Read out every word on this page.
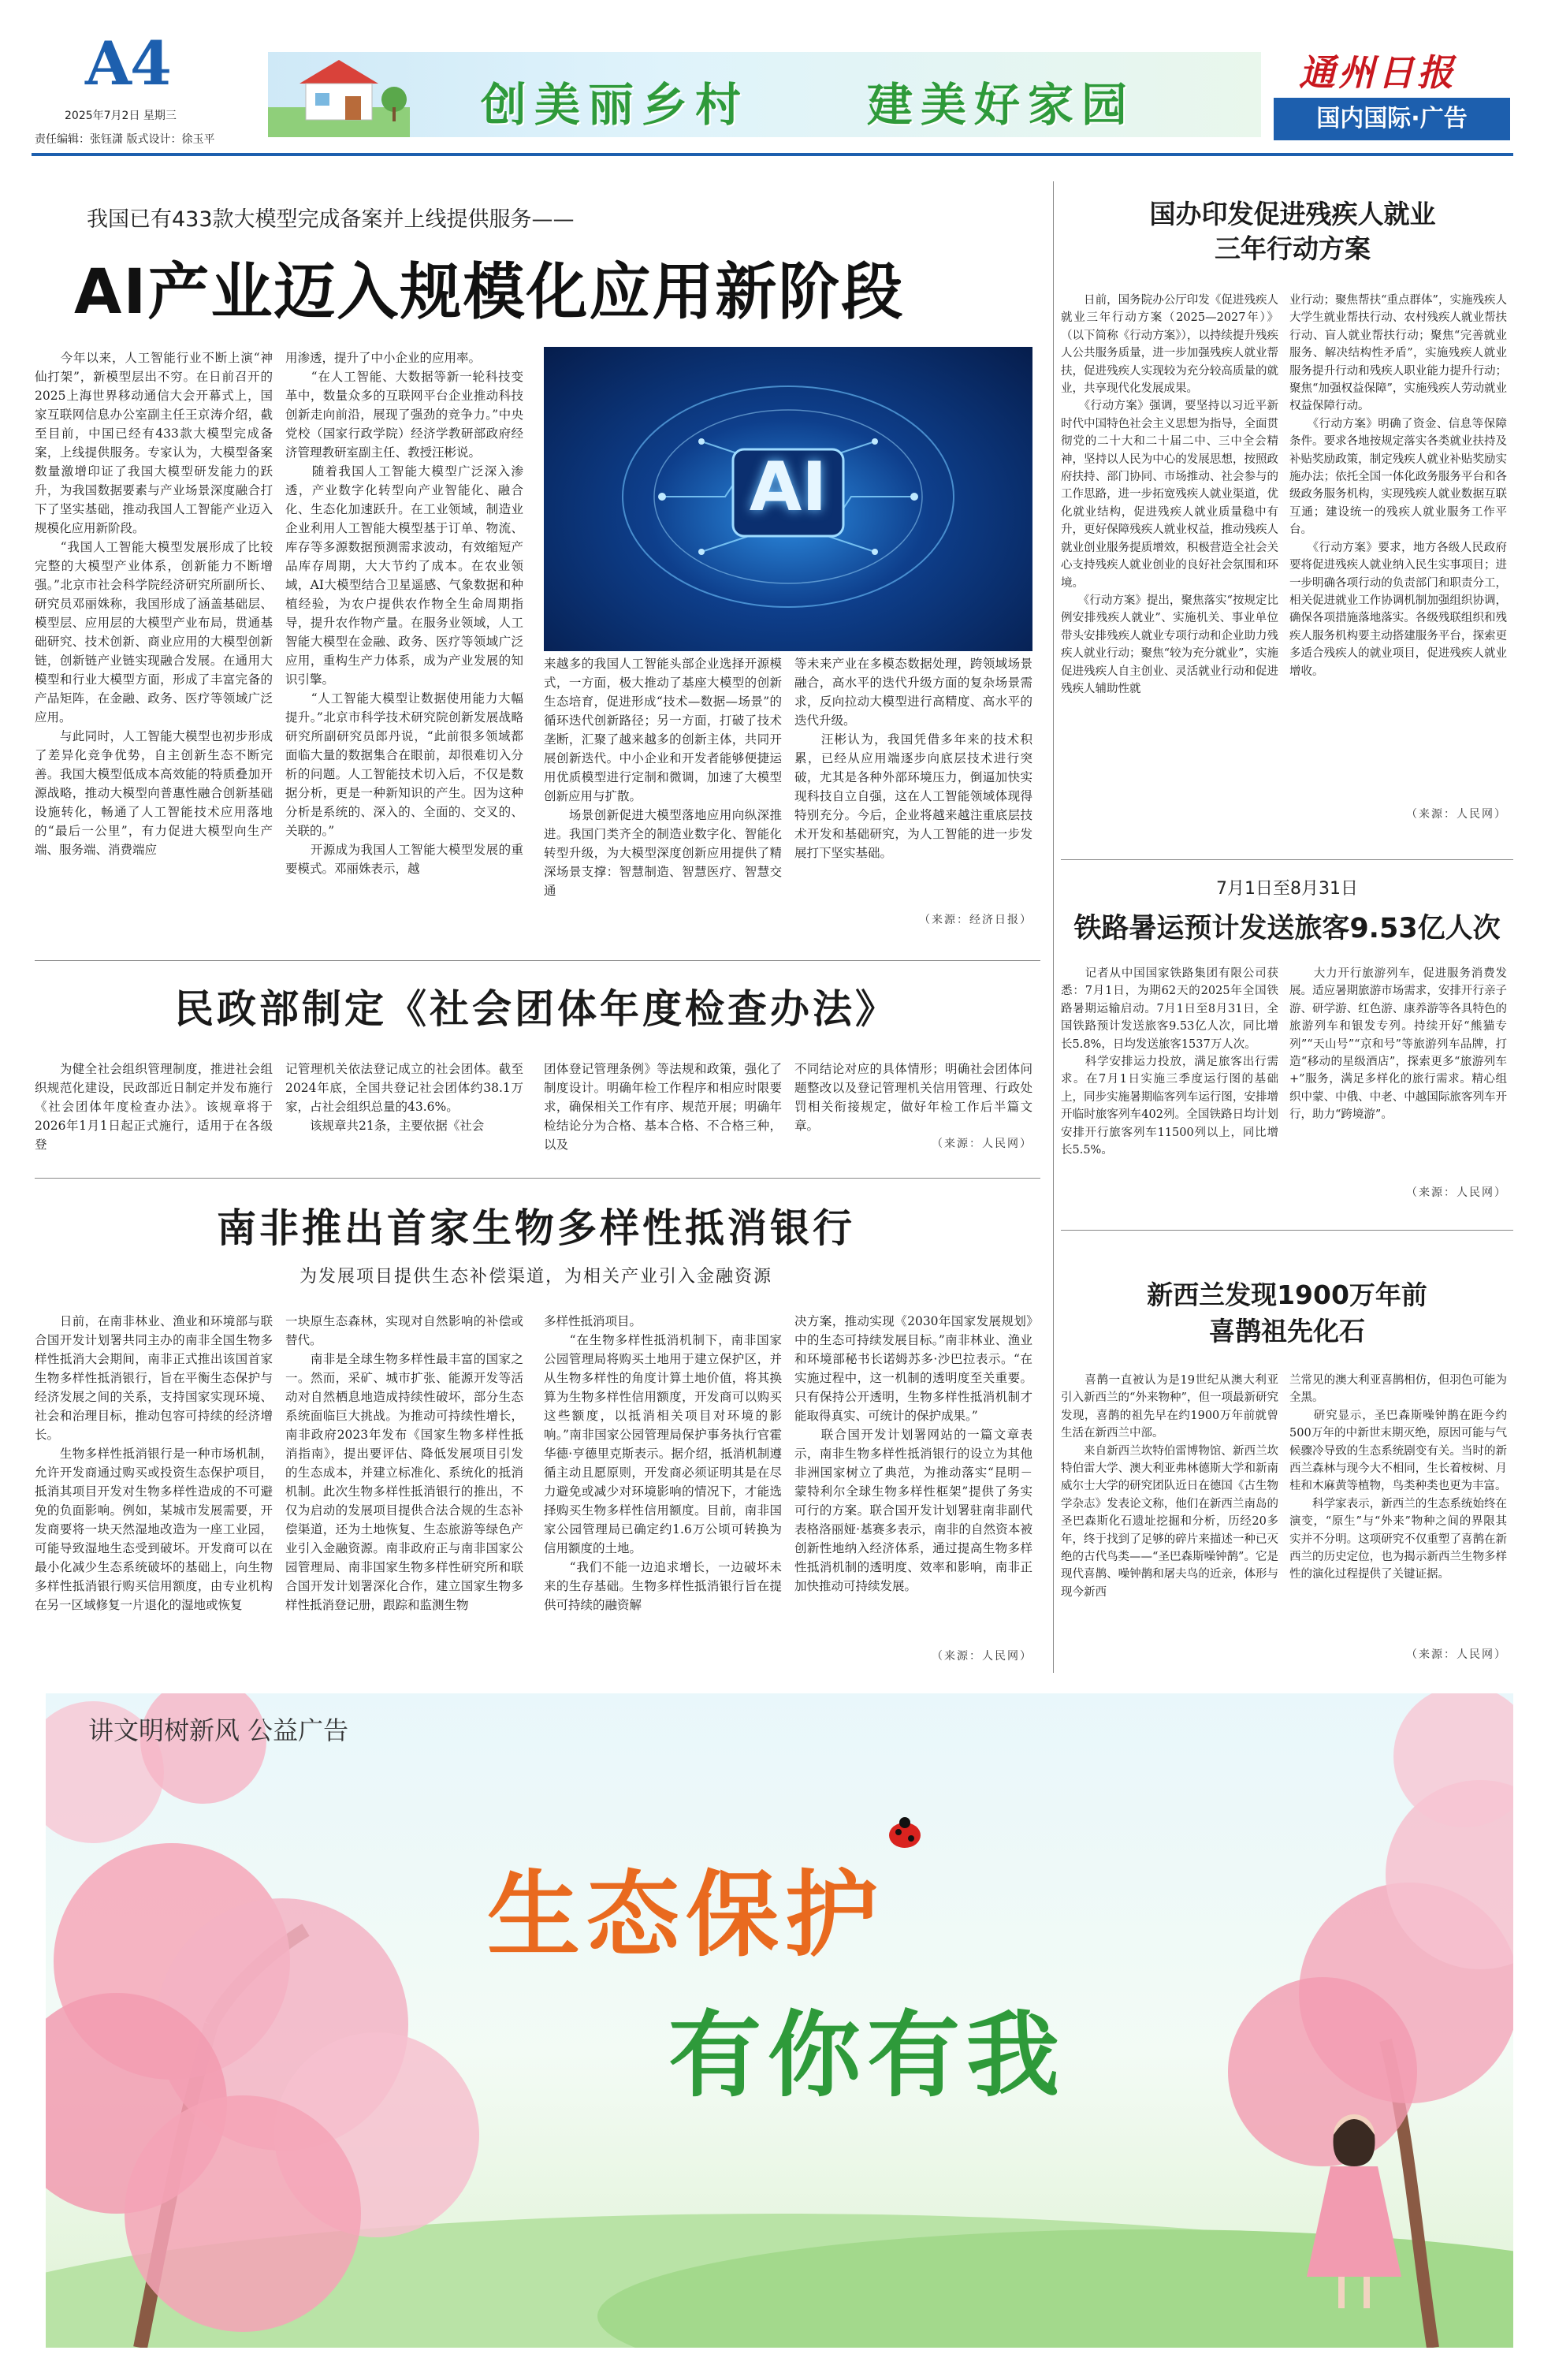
A4
2025年7月2日 星期三
责任编辑：张钰潇 版式设计：徐玉平
创美丽乡村	建美好家园
通州日报
国内国际·广告
我国已有433款大模型完成备案并上线提供服务——
AI产业迈入规模化应用新阶段
　　今年以来，人工智能行业不断上演“神仙打架”，新模型层出不穷。在日前召开的2025上海世界移动通信大会开幕式上，国家互联网信息办公室副主任王京涛介绍，截至目前，中国已经有433款大模型完成备案，上线提供服务。专家认为，大模型备案数量激增印证了我国大模型研发能力的跃升，为我国数据要素与产业场景深度融合打下了坚实基础，推动我国人工智能产业迈入规模化应用新阶段。
　　“我国人工智能大模型发展形成了比较完整的大模型产业体系，创新能力不断增强。”北京市社会科学院经济研究所副所长、研究员邓丽姝称，我国形成了涵盖基础层、模型层、应用层的大模型产业布局，贯通基础研究、技术创新、商业应用的大模型创新链，创新链产业链实现融合发展。在通用大模型和行业大模型方面，形成了丰富完备的产品矩阵，在金融、政务、医疗等领域广泛应用。
　　与此同时，人工智能大模型也初步形成了差异化竞争优势，自主创新生态不断完善。我国大模型低成本高效能的特质叠加开源战略，推动大模型向普惠性融合创新基础设施转化，畅通了人工智能技术应用落地的“最后一公里”，有力促进大模型向生产端、服务端、消费端应
用渗透，提升了中小企业的应用率。
　　“在人工智能、大数据等新一轮科技变革中，数量众多的互联网平台企业推动科技创新走向前沿，展现了强劲的竞争力。”中央党校（国家行政学院）经济学教研部政府经济管理教研室副主任、教授汪彬说。
　　随着我国人工智能大模型广泛深入渗透，产业数字化转型向产业智能化、融合化、生态化加速跃升。在工业领域，制造业企业利用人工智能大模型基于订单、物流、库存等多源数据预测需求波动，有效缩短产品库存周期，大大节约了成本。在农业领域，AI大模型结合卫星遥感、气象数据和种植经验，为农户提供农作物全生命周期指导，提升农作物产量。在服务业领域，人工智能大模型在金融、政务、医疗等领域广泛应用，重构生产力体系，成为产业发展的知识引擎。
　　“人工智能大模型让数据使用能力大幅提升。”北京市科学技术研究院创新发展战略研究所副研究员郎丹说，“此前很多领域都面临大量的数据集合在眼前，却很难切入分析的问题。人工智能技术切入后，不仅是数据分析，更是一种新知识的产生。因为这种分析是系统的、深入的、全面的、交叉的、关联的。”
　　开源成为我国人工智能大模型发展的重要模式。邓丽姝表示，越
AI
来越多的我国人工智能头部企业选择开源模式，一方面，极大推动了基座大模型的创新生态培育，促进形成“技术—数据—场景”的循环迭代创新路径；另一方面，打破了技术垄断，汇聚了越来越多的创新主体，共同开展创新迭代。中小企业和开发者能够便捷运用优质模型进行定制和微调，加速了大模型创新应用与扩散。
　　场景创新促进大模型落地应用向纵深推进。我国门类齐全的制造业数字化、智能化转型升级，为大模型深度创新应用提供了精深场景支撑：智慧制造、智慧医疗、智慧交通
等未来产业在多模态数据处理，跨领域场景融合，高水平的迭代升级方面的复杂场景需求，反向拉动大模型进行高精度、高水平的迭代升级。
　　汪彬认为，我国凭借多年来的技术积累，已经从应用端逐步向底层技术进行突破，尤其是各种外部环境压力，倒逼加快实现科技自立自强，这在人工智能领域体现得特别充分。今后，企业将越来越注重底层技术开发和基础研究，为人工智能的进一步发展打下坚实基础。
（来源：经济日报）
国办印发促进残疾人就业
三年行动方案
　　日前，国务院办公厅印发《促进残疾人就业三年行动方案（2025—2027年）》（以下简称《行动方案》），以持续提升残疾人公共服务质量，进一步加强残疾人就业帮扶，促进残疾人实现较为充分较高质量的就业，共享现代化发展成果。
　　《行动方案》强调，要坚持以习近平新时代中国特色社会主义思想为指导，全面贯彻党的二十大和二十届二中、三中全会精神，坚持以人民为中心的发展思想，按照政府扶持、部门协同、市场推动、社会参与的工作思路，进一步拓宽残疾人就业渠道，优化就业结构，促进残疾人就业质量稳中有升，更好保障残疾人就业权益，推动残疾人就业创业服务提质增效，积极营造全社会关心支持残疾人就业创业的良好社会氛围和环境。
　　《行动方案》提出，聚焦落实“按规定比例安排残疾人就业”、实施机关、事业单位带头安排残疾人就业专项行动和企业助力残疾人就业行动；聚焦“较为充分就业”，实施促进残疾人自主创业、灵活就业行动和促进残疾人辅助性就
业行动；聚焦帮扶“重点群体”，实施残疾人大学生就业帮扶行动、农村残疾人就业帮扶行动、盲人就业帮扶行动；聚焦“完善就业服务、解决结构性矛盾”，实施残疾人就业服务提升行动和残疾人职业能力提升行动；聚焦“加强权益保障”，实施残疾人劳动就业权益保障行动。
　　《行动方案》明确了资金、信息等保障条件。要求各地按规定落实各类就业扶持及补贴奖励政策，制定残疾人就业补贴奖励实施办法；依托全国一体化政务服务平台和各级政务服务机构，实现残疾人就业数据互联互通；建设统一的残疾人就业服务工作平台。
　　《行动方案》要求，地方各级人民政府要将促进残疾人就业纳入民生实事项目；进一步明确各项行动的负责部门和职责分工，相关促进就业工作协调机制加强组织协调，确保各项措施落地落实。各级残联组织和残疾人服务机构要主动搭建服务平台，探索更多适合残疾人的就业项目，促进残疾人就业增收。
（来源：人民网）
7月1日至8月31日
铁路暑运预计发送旅客9.53亿人次
　　记者从中国国家铁路集团有限公司获悉：7月1日，为期62天的2025年全国铁路暑期运输启动。7月1日至8月31日，全国铁路预计发送旅客9.53亿人次，同比增长5.8%，日均发送旅客1537万人次。
　　科学安排运力投放，满足旅客出行需求。在7月1日实施三季度运行图的基础上，同步实施暑期临客列车运行图，安排增开临时旅客列车402列。全国铁路日均计划安排开行旅客列车11500列以上，同比增长5.5%。
　　大力开行旅游列车，促进服务消费发展。适应暑期旅游市场需求，安排开行亲子游、研学游、红色游、康养游等各具特色的旅游列车和银发专列。持续开好“熊猫专列”“天山号”“京和号”等旅游列车品牌，打造“移动的星级酒店”，探索更多“旅游列车+”服务，满足多样化的旅行需求。精心组织中蒙、中俄、中老、中越国际旅客列车开行，助力“跨境游”。
（来源：人民网）
新西兰发现1900万年前
喜鹊祖先化石
　　喜鹊一直被认为是19世纪从澳大利亚引入新西兰的“外来物种”，但一项最新研究发现，喜鹊的祖先早在约1900万年前就曾生活在新西兰中部。
　　来自新西兰坎特伯雷博物馆、新西兰坎特伯雷大学、澳大利亚弗林德斯大学和新南威尔士大学的研究团队近日在德国《古生物学杂志》发表论文称，他们在新西兰南岛的圣巴森斯化石遗址挖掘和分析，历经20多年，终于找到了足够的碎片来描述一种已灭绝的古代鸟类——“圣巴森斯噪钟鹊”。它是现代喜鹊、噪钟鹊和屠夫鸟的近亲，体形与现今新西
兰常见的澳大利亚喜鹊相仿，但羽色可能为全黑。
　　研究显示，圣巴森斯噪钟鹊在距今约500万年的中新世末期灭绝，原因可能与气候骤冷导致的生态系统剧变有关。当时的新西兰森林与现今大不相同，生长着桉树、月桂和木麻黄等植物，鸟类种类也更为丰富。
　　科学家表示，新西兰的生态系统始终在演变，“原生”与“外来”物种之间的界限其实并不分明。这项研究不仅重塑了喜鹊在新西兰的历史定位，也为揭示新西兰生物多样性的演化过程提供了关键证据。
（来源：人民网）
民政部制定《社会团体年度检查办法》
　　为健全社会组织管理制度，推进社会组织规范化建设，民政部近日制定并发布施行《社会团体年度检查办法》。该规章将于2026年1月1日起正式施行，适用于在各级登
记管理机关依法登记成立的社会团体。截至2024年底，全国共登记社会团体约38.1万家，占社会组织总量的43.6%。
　　该规章共21条，主要依据《社会
团体登记管理条例》等法规和政策，强化了制度设计。明确年检工作程序和相应时限要求，确保相关工作有序、规范开展；明确年检结论分为合格、基本合格、不合格三种，以及
不同结论对应的具体情形；明确社会团体问题整改以及登记管理机关信用管理、行政处罚相关衔接规定，做好年检工作后半篇文章。
（来源：人民网）
南非推出首家生物多样性抵消银行
为发展项目提供生态补偿渠道，为相关产业引入金融资源
　　日前，在南非林业、渔业和环境部与联合国开发计划署共同主办的南非全国生物多样性抵消大会期间，南非正式推出该国首家生物多样性抵消银行，旨在平衡生态保护与经济发展之间的关系，支持国家实现环境、社会和治理目标，推动包容可持续的经济增长。
　　生物多样性抵消银行是一种市场机制，允许开发商通过购买或投资生态保护项目，抵消其项目开发对生物多样性造成的不可避免的负面影响。例如，某城市发展需要，开发商要将一块天然湿地改造为一座工业园，可能导致湿地生态受到破坏。开发商可以在最小化减少生态系统破坏的基础上，向生物多样性抵消银行购买信用额度，由专业机构在另一区域修复一片退化的湿地或恢复
一块原生态森林，实现对自然影响的补偿或替代。
　　南非是全球生物多样性最丰富的国家之一。然而，采矿、城市扩张、能源开发等活动对自然栖息地造成持续性破坏，部分生态系统面临巨大挑战。为推动可持续性增长，南非政府2023年发布《国家生物多样性抵消指南》，提出要评估、降低发展项目引发的生态成本，并建立标准化、系统化的抵消机制。此次生物多样性抵消银行的推出，不仅为启动的发展项目提供合法合规的生态补偿渠道，还为土地恢复、生态旅游等绿色产业引入金融资源。南非政府正与南非国家公园管理局、南非国家生物多样性研究所和联合国开发计划署深化合作，建立国家生物多样性抵消登记册，跟踪和监测生物
多样性抵消项目。
　　“在生物多样性抵消机制下，南非国家公园管理局将购买土地用于建立保护区，并从生物多样性的角度计算土地价值，将其换算为生物多样性信用额度，开发商可以购买这些额度，以抵消相关项目对环境的影响。”南非国家公园管理局保护事务执行官霍华德·亨德里克斯表示。据介绍，抵消机制遵循主动且愿原则，开发商必须证明其是在尽力避免或减少对环境影响的情况下，才能选择购买生物多样性信用额度。目前，南非国家公园管理局已确定约1.6万公顷可转换为信用额度的土地。
　　“我们不能一边追求增长，一边破坏未来的生存基础。生物多样性抵消银行旨在提供可持续的融资解
决方案，推动实现《2030年国家发展规划》中的生态可持续发展目标。”南非林业、渔业和环境部秘书长诺姆苏多·沙巴拉表示。“在实施过程中，这一机制的透明度至关重要。只有保持公开透明，生物多样性抵消机制才能取得真实、可统计的保护成果。”
　　联合国开发计划署网站的一篇文章表示，南非生物多样性抵消银行的设立为其他非洲国家树立了典范，为推动落实“昆明－蒙特利尔全球生物多样性框架”提供了务实可行的方案。联合国开发计划署驻南非副代表格洛丽娅·基赛多表示，南非的自然资本被创新性地纳入经济体系，通过提高生物多样性抵消机制的透明度、效率和影响，南非正加快推动可持续发展。
（来源：人民网）
讲文明树新风 公益广告
生态保护
有你有我
